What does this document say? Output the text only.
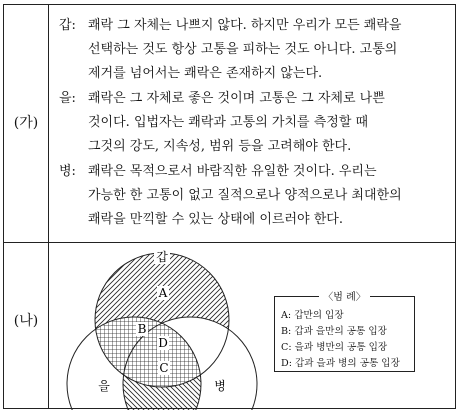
(가)
(나)
갑: 쾌락 그 자체는 나쁘지 않다. 하지만 우리가 모든 쾌락을
선택하는 것도 항상 고통을 피하는 것도 아니다. 고통의
제거를 넘어서는 쾌락은 존재하지 않는다.
을: 쾌락은 그 자체로 좋은 것이며 고통은 그 자체로 나쁜
것이다. 입법자는 쾌락과 고통의 가치를 측정할 때
그것의 강도, 지속성, 범위 등을 고려해야 한다.
병: 쾌락은 목적으로서 바람직한 유일한 것이다. 우리는
가능한 한 고통이 없고 질적으로나 양적으로나 최대한의
쾌락을 만끽할 수 있는 상태에 이르러야 한다.
A
B
C
D
갑
을	병
〈범 례〉
A: 갑만의 입장
B: 갑과 을만의 공통 입장
C: 을과 병만의 공통 입장
D: 갑과 을과 병의 공통 입장
